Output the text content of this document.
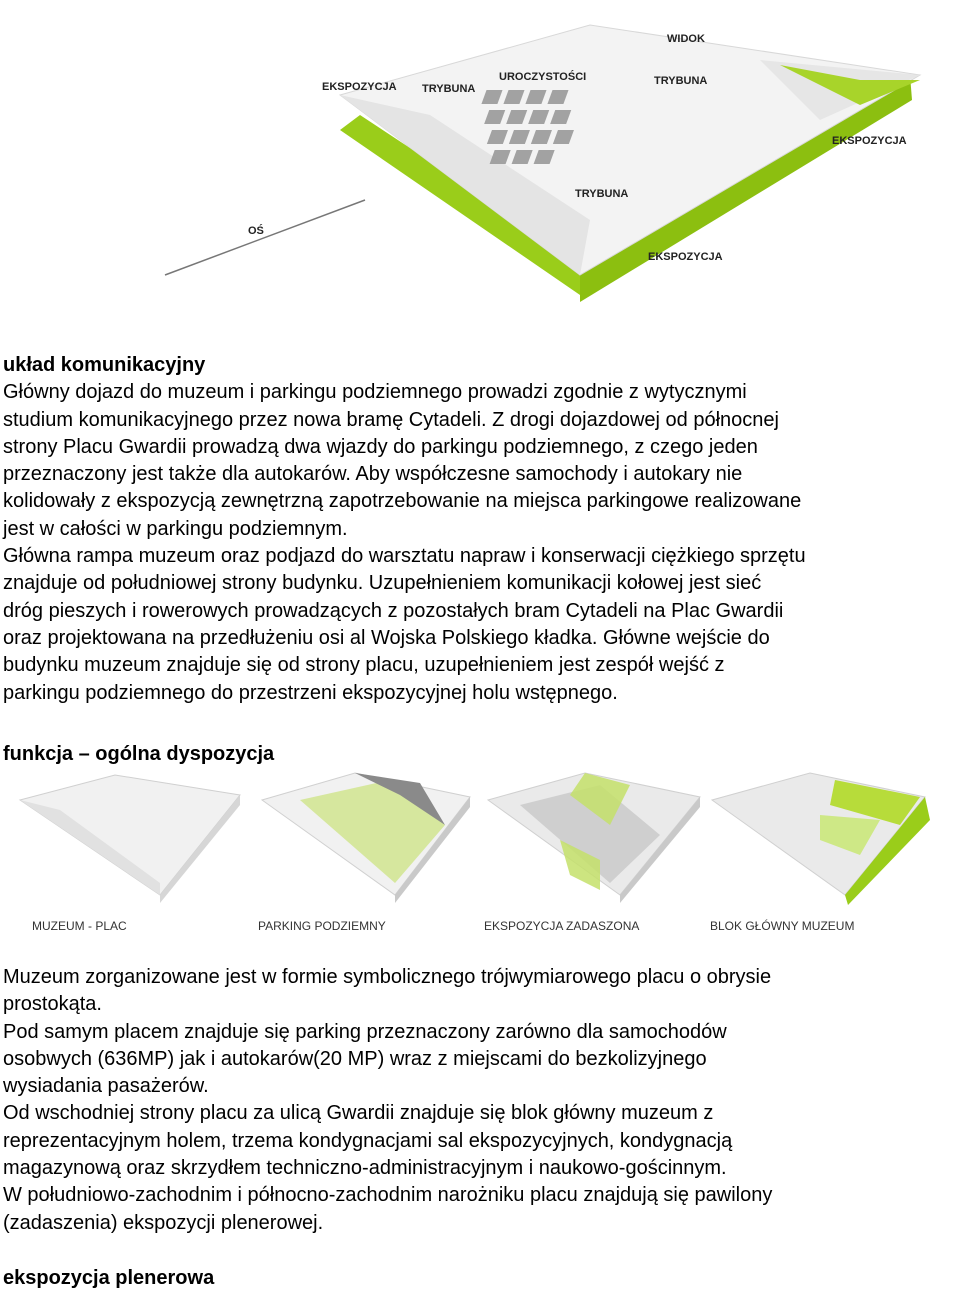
WIDOK
UROCZYSTOŚCI
EKSPOZYCJA TRYBUNA
TRYBUNA
EKSPOZYCJA
TRYBUNA
OŚ
EKSPOZYCJA
układ komunikacyjny

Główny dojazd do muzeum i parkingu podziemnego prowadzi zgodnie z wytycznymi

studium komunikacyjnego przez nowa bramę Cytadeli. Z drogi dojazdowej od północnej

strony Placu Gwardii prowadzą dwa wjazdy do parkingu podziemnego, z czego jeden

przeznaczony jest także dla autokarów. Aby współczesne samochody i autokary nie

kolidowały z ekspozycją zewnętrzną zapotrzebowanie na miejsca parkingowe realizowane

jest w całości w parkingu podziemnym.

Główna rampa muzeum oraz podjazd do warsztatu napraw i konserwacji ciężkiego sprzętu

znajduje od południowej strony budynku. Uzupełnieniem komunikacji kołowej jest sieć

dróg pieszych i rowerowych prowadzących z pozostałych bram Cytadeli na Plac Gwardii

oraz projektowana na przedłużeniu osi al Wojska Polskiego kładka. Główne wejście do

budynku muzeum znajduje się od strony placu, uzupełnieniem jest zespół wejść z

parkingu podziemnego do przestrzeni ekspozycyjnej holu wstępnego.

funkcja – ogólna dyspozycja
MUZEUM - PLAC	PARKING PODZIEMNY	EKSPOZYCJA ZADASZONA	BLOK GŁÓWNY MUZEUM

Muzeum zorganizowane jest w formie symbolicznego trójwymiarowego placu o obrysie

prostokąta.

Pod samym placem znajduje się parking przeznaczony zarówno dla samochodów

osobwych (636MP) jak i autokarów(20 MP) wraz z miejscami do bezkolizyjnego

wysiadania pasażerów.

Od wschodniej strony placu za ulicą Gwardii znajduje się blok główny muzeum z

reprezentacyjnym holem, trzema kondygnacjami sal ekspozycyjnych, kondygnacją

magazynową oraz skrzydłem techniczno-administracyjnym i naukowo-gościnnym.

W południowo-zachodnim i północno-zachodnim narożniku placu znajdują się pawilony

(zadaszenia) ekspozycji plenerowej.

ekspozycja plenerowa
